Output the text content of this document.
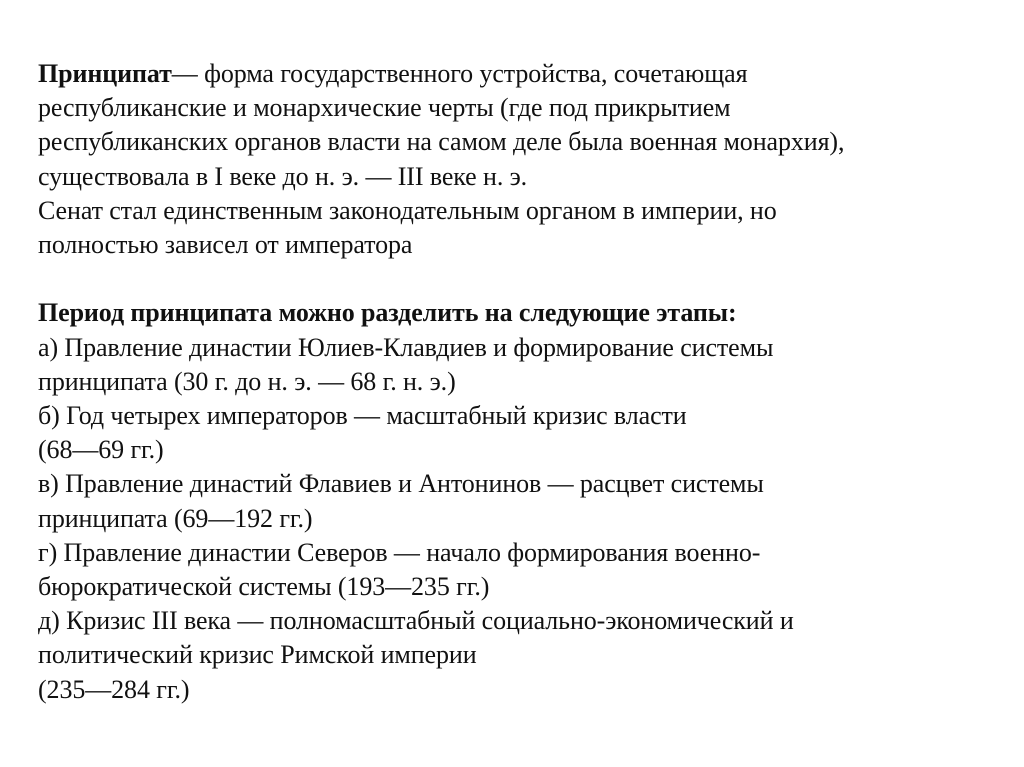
Принципат— форма государственного устройства, сочетающая
республиканские и монархические черты (где под прикрытием
республиканских органов власти на самом деле была военная монархия),
существовала в I веке до н. э. — III веке н. э.
Сенат стал единственным законодательным органом в империи, но
полностью зависел от императора
Период принципата можно разделить на следующие этапы:
а) Правление династии Юлиев-Клавдиев и формирование системы
принципата (30 г. до н. э. — 68 г. н. э.)
б) Год четырех императоров — масштабный кризис власти
(68—69 гг.)
в) Правление династий Флавиев и Антонинов — расцвет системы
принципата (69—192 гг.)
г) Правление династии Северов — начало формирования военно-
бюрократической системы (193—235 гг.)
д) Кризис III века — полномасштабный социально-экономический и
политический кризис Римской империи
(235—284 гг.)
